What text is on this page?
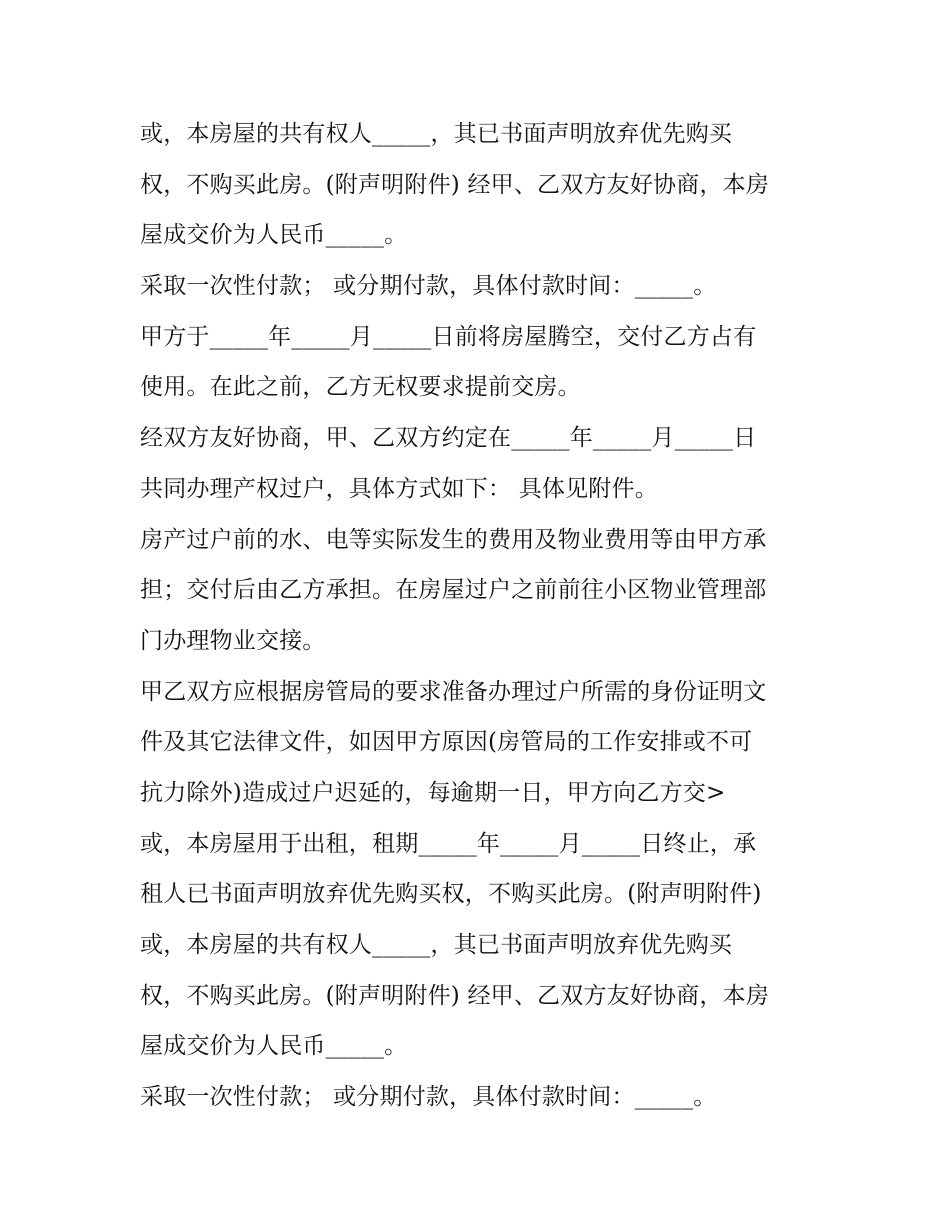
或，本房屋的共有权人_____，其已书面声明放弃优先购买
权，不购买此房。(附声明附件) 经甲、乙双方友好协商，本房
屋成交价为人民币_____。
采取一次性付款； 或分期付款，具体付款时间：_____。
甲方于_____年_____月_____日前将房屋腾空，交付乙方占有
使用。在此之前，乙方无权要求提前交房。
经双方友好协商，甲、乙双方约定在_____年_____月_____日
共同办理产权过户，具体方式如下： 具体见附件。
房产过户前的水、电等实际发生的费用及物业费用等由甲方承
担；交付后由乙方承担。在房屋过户之前前往小区物业管理部
门办理物业交接。
甲乙双方应根据房管局的要求准备办理过户所需的身份证明文
件及其它法律文件，如因甲方原因(房管局的工作安排或不可
抗力除外)造成过户迟延的，每逾期一日，甲方向乙方交>
或，本房屋用于出租，租期_____年_____月_____日终止，承
租人已书面声明放弃优先购买权，不购买此房。(附声明附件)
或，本房屋的共有权人_____，其已书面声明放弃优先购买
权，不购买此房。(附声明附件) 经甲、乙双方友好协商，本房
屋成交价为人民币_____。
采取一次性付款； 或分期付款，具体付款时间：_____。
